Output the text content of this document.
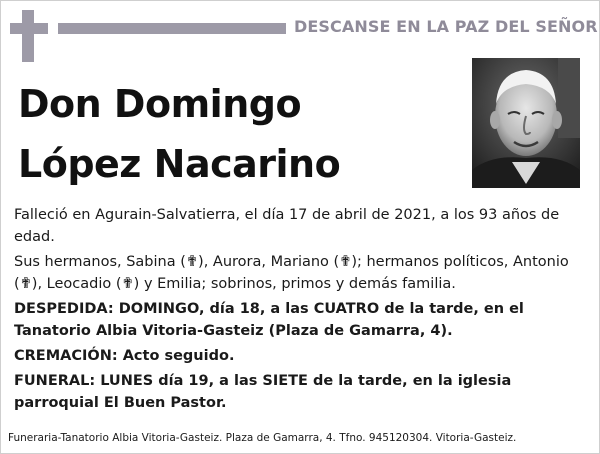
DESCANSE EN LA PAZ DEL SEÑOR
Don Domingo
López Nacarino

Falleció en Agurain-Salvatierra, el día 17 de abril de 2021, a los 93 años de edad.

Sus hermanos, Sabina (✟), Aurora, Mariano (✟); hermanos políticos, Antonio (✟), Leocadio (✟) y Emilia; sobrinos, primos y demás familia.

DESPEDIDA: DOMINGO, día 18, a las CUATRO de la tarde, en el Tanatorio Albia Vitoria-Gasteiz (Plaza de Gamarra, 4).

CREMACIÓN: Acto seguido.

FUNERAL: LUNES día 19, a las SIETE de la tarde, en la iglesia parroquial El Buen Pastor.

Funeraria-Tanatorio Albia Vitoria-Gasteiz. Plaza de Gamarra, 4. Tfno. 945120304. Vitoria-Gasteiz.
